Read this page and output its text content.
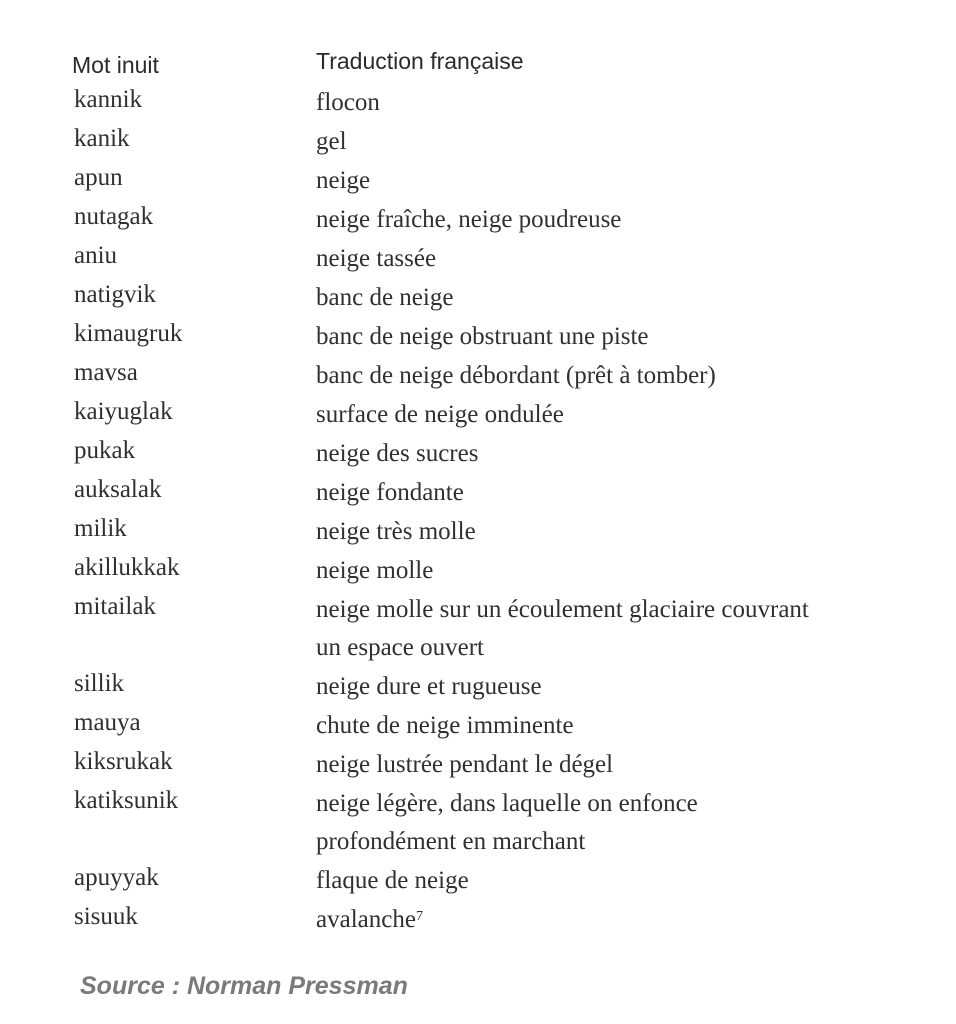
Mot inuit	Traduction française
kannik	flocon
kanik	gel
apun	neige
nutagak	neige fraîche, neige poudreuse
aniu	neige tassée
natigvik	banc de neige
kimaugruk	banc de neige obstruant une piste
mavsa	banc de neige débordant (prêt à tomber)
kaiyuglak	surface de neige ondulée
pukak	neige des sucres
auksalak	neige fondante
milik	neige très molle
akillukkak	neige molle
mitailak	neige molle sur un écoulement glaciaire couvrant
un espace ouvert
sillik	neige dure et rugueuse
mauya	chute de neige imminente
kiksrukak	neige lustrée pendant le dégel
katiksunik	neige légère, dans laquelle on enfonce
profondément en marchant
apuyyak	flaque de neige
sisuuk	avalanche$^7$
Source : Norman Pressman
